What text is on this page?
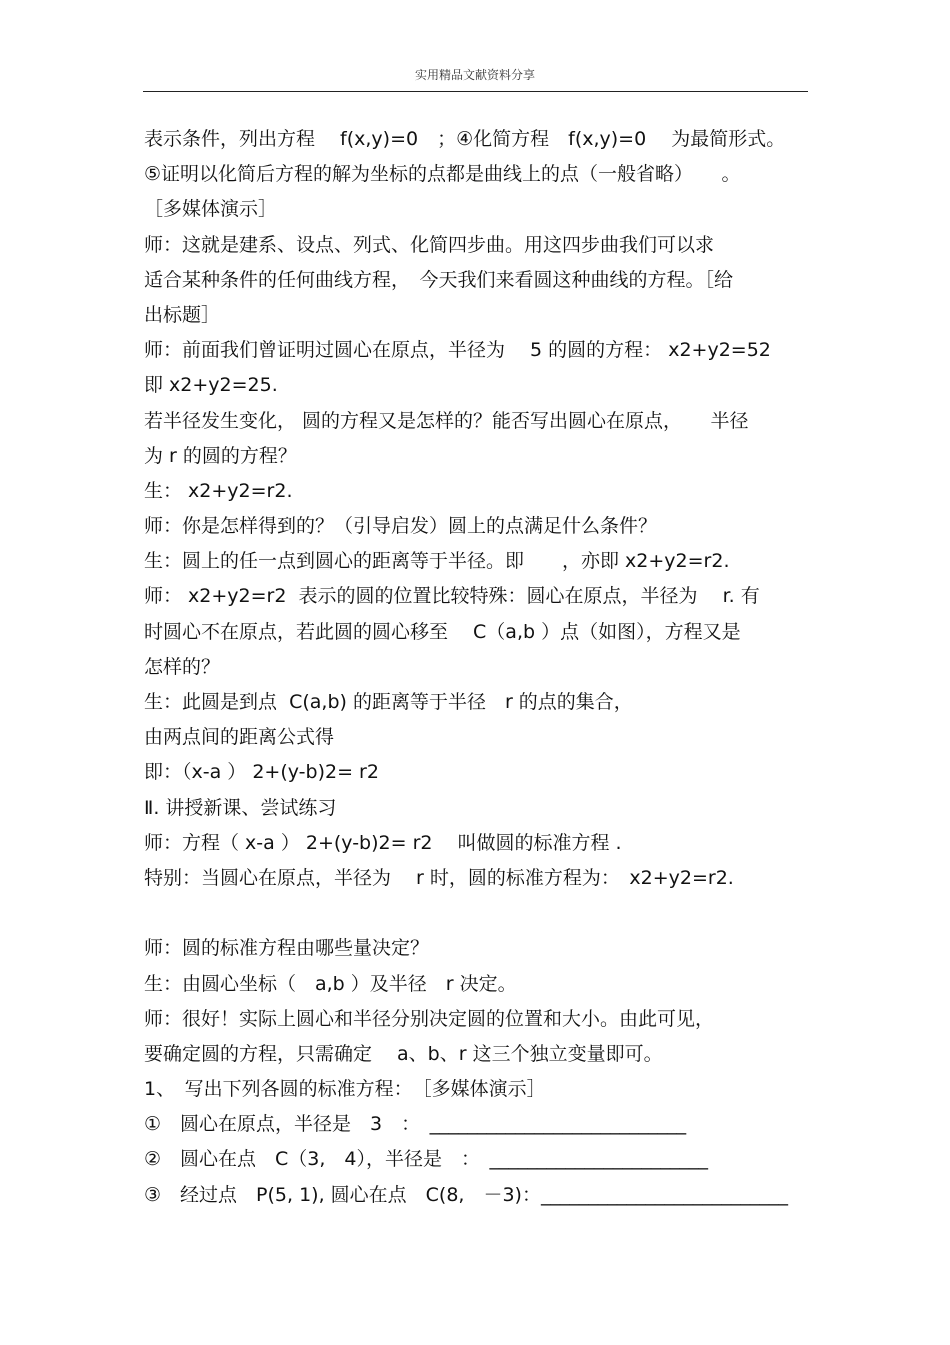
实用精品文献资料分享
表示条件，列出方程　 f(x,y)=0　；④化简方程　f(x,y)=0　 为最简形式。
⑤证明以化简后方程的解为坐标的点都是曲线上的点（一般省略）　　。
［多媒体演示］
师：这就是建系、设点、列式、化简四步曲。用这四步曲我们可以求
适合某种条件的任何曲线方程，　今天我们来看圆这种曲线的方程。［给
出标题］
师：前面我们曾证明过圆心在原点，半径为　 5 的圆的方程： x2+y2=52
即 x2+y2=25.
若半径发生变化， 圆的方程又是怎样的？能否写出圆心在原点，　　半径
为 r 的圆的方程？
生： x2+y2=r2.
师：你是怎样得到的？（引导启发）圆上的点满足什么条件？
生：圆上的任一点到圆心的距离等于半径。即　　，亦即 x2+y2=r2.
师： x2+y2=r2  表示的圆的位置比较特殊：圆心在原点，半径为　 r. 有
时圆心不在原点，若此圆的圆心移至　 C（a,b ）点（如图），方程又是
怎样的？
生：此圆是到点  C(a,b) 的距离等于半径　r 的点的集合，
由两点间的距离公式得
即：（x-a ） 2+(y-b)2= r2
Ⅱ. 讲授新课、尝试练习
师：方程（ x-a ） 2+(y-b)2= r2　 叫做圆的标准方程 .
特别：当圆心在原点，半径为　 r 时，圆的标准方程为：　x2+y2=r2.
师：圆的标准方程由哪些量决定？
生：由圆心坐标（　a,b ）及半径　r 决定。
师：很好！实际上圆心和半径分别决定圆的位置和大小。由此可见，
要确定圆的方程，只需确定　 a、b、r 这三个独立变量即可。
1、　写出下列各圆的标准方程：　［多媒体演示］
①　圆心在原点，半径是　3　：　___________________________
②　圆心在点　C（3,　4），半径是　：　_______________________
③　经过点　P(5, 1), 圆心在点　C(8,　－3)：__________________________
